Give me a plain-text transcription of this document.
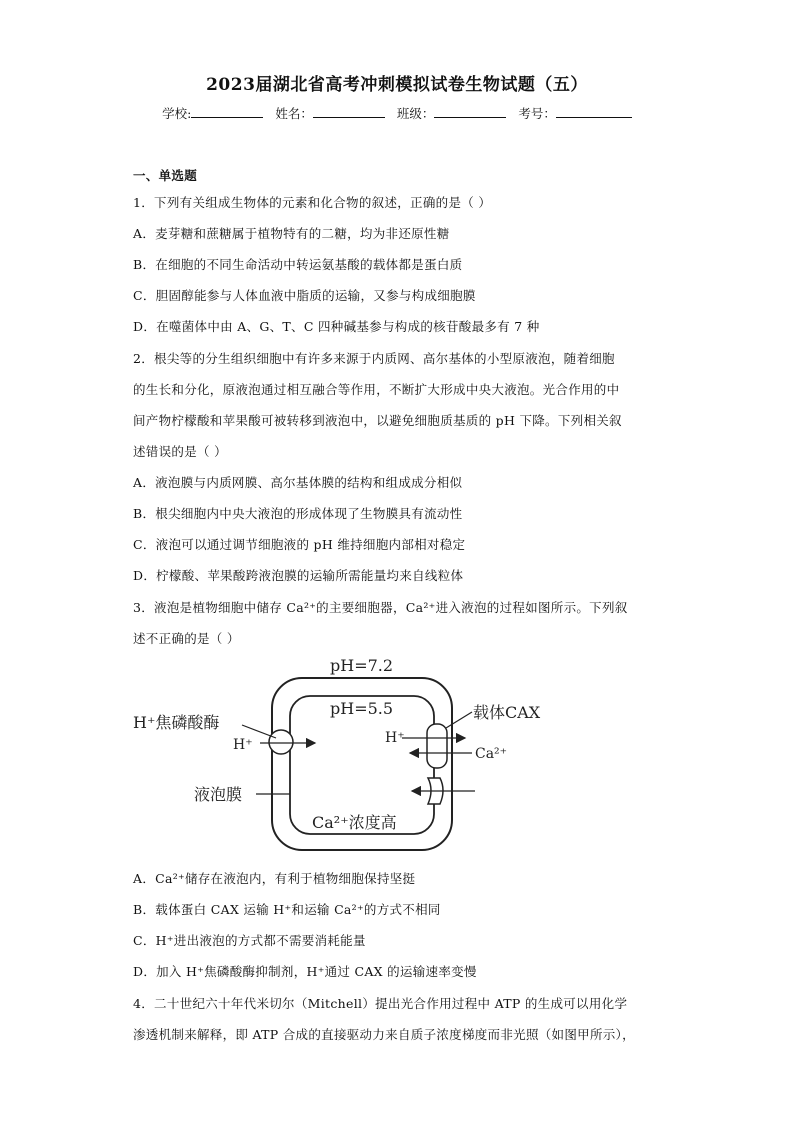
2023届湖北省高考冲刺模拟试卷生物试题（五）
学校:	姓名：	班级：	考号：
一、单选题
1．下列有关组成生物体的元素和化合物的叙述，正确的是（ ）
A．麦芽糖和蔗糖属于植物特有的二糖，均为非还原性糖
B．在细胞的不同生命活动中转运氨基酸的载体都是蛋白质
C．胆固醇能参与人体血液中脂质的运输，又参与构成细胞膜
D．在噬菌体中由 A、G、T、C 四种碱基参与构成的核苷酸最多有 7 种
2．根尖等的分生组织细胞中有许多来源于内质网、高尔基体的小型原液泡，随着细胞
的生长和分化，原液泡通过相互融合等作用，不断扩大形成中央大液泡。光合作用的中
间产物柠檬酸和苹果酸可被转移到液泡中，以避免细胞质基质的 pH 下降。下列相关叙
述错误的是（ ）
A．液泡膜与内质网膜、高尔基体膜的结构和组成成分相似
B．根尖细胞内中央大液泡的形成体现了生物膜具有流动性
C．液泡可以通过调节细胞液的 pH 维持细胞内部相对稳定
D．柠檬酸、苹果酸跨液泡膜的运输所需能量均来自线粒体
3．液泡是植物细胞中储存 Ca²⁺的主要细胞器，Ca²⁺进入液泡的过程如图所示。下列叙
述不正确的是（ ）
pH=7.2
pH=5.5
H⁺焦磷酸酶
H⁺
载体CAX
H⁺
Ca²⁺
液泡膜
Ca²⁺浓度高
A．Ca²⁺储存在液泡内，有利于植物细胞保持坚挺
B．载体蛋白 CAX 运输 H⁺和运输 Ca²⁺的方式不相同
C．H⁺进出液泡的方式都不需要消耗能量
D．加入 H⁺焦磷酸酶抑制剂，H⁺通过 CAX 的运输速率变慢
4．二十世纪六十年代米切尔（Mitchell）提出光合作用过程中 ATP 的生成可以用化学
渗透机制来解释，即 ATP 合成的直接驱动力来自质子浓度梯度而非光照（如图甲所示），
